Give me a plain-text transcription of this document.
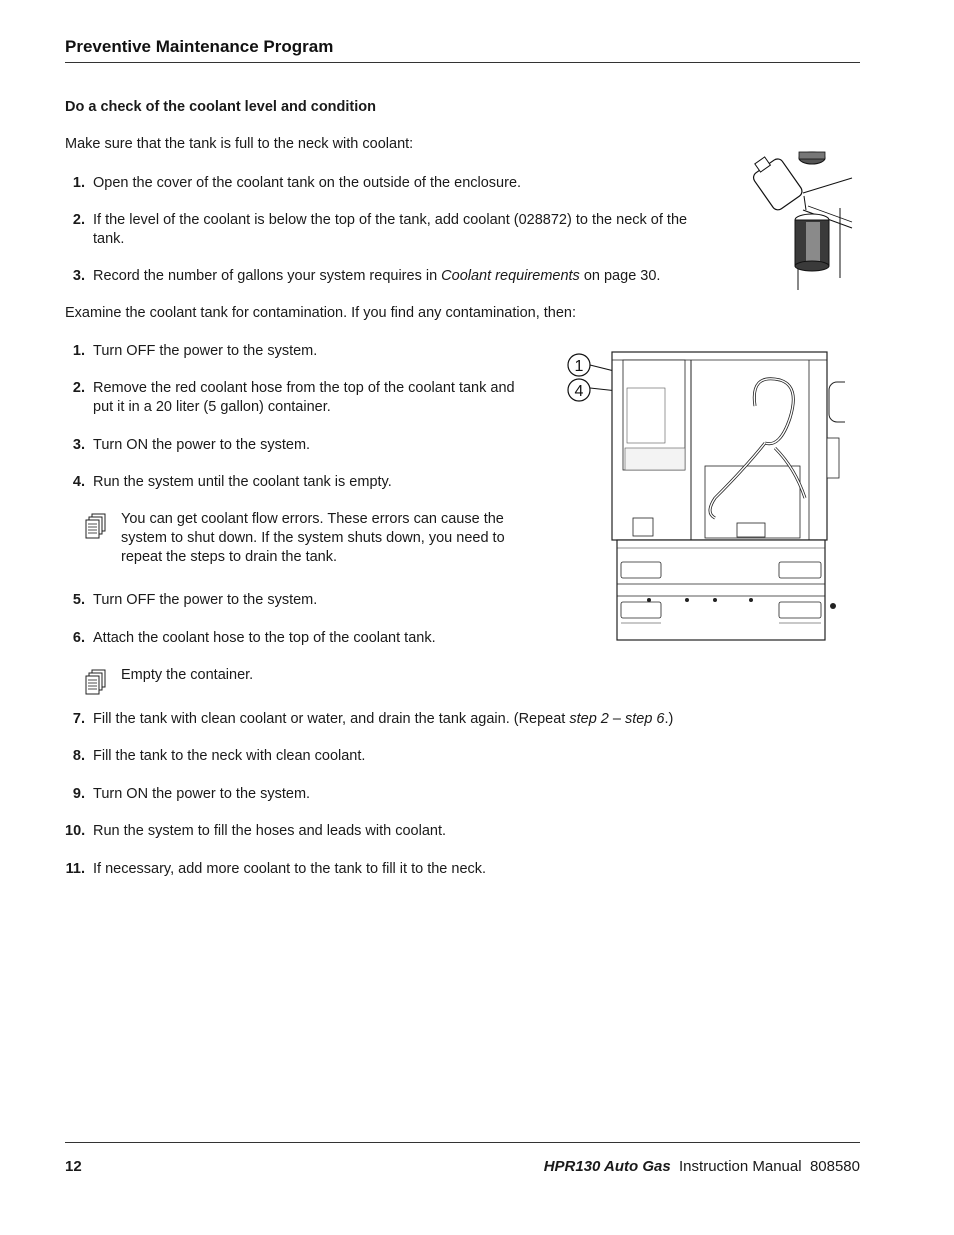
Preventive Maintenance Program
Do a check of the coolant level and condition
Make sure that the tank is full to the neck with coolant:
1. Open the cover of the coolant tank on the outside of the enclosure.
2. If the level of the coolant is below the top of the tank, add coolant (028872) to the neck of the tank.
3. Record the number of gallons your system requires in Coolant requirements on page 30.
Examine the coolant tank for contamination. If you find any contamination, then:
1. Turn OFF the power to the system.
2. Remove the red coolant hose from the top of the coolant tank and put it in a 20 liter (5 gallon) container.
3. Turn ON the power to the system.
4. Run the system until the coolant tank is empty.
You can get coolant flow errors. These errors can cause the system to shut down. If the system shuts down, you need to repeat the steps to drain the tank.
5. Turn OFF the power to the system.
6. Attach the coolant hose to the top of the coolant tank.
Empty the container.
7. Fill the tank with clean coolant or water, and drain the tank again. (Repeat step 2 – step 6.)
8. Fill the tank to the neck with clean coolant.
9. Turn ON the power to the system.
10. Run the system to fill the hoses and leads with coolant.
11. If necessary, add more coolant to the tank to fill it to the neck.
1
4
12	HPR130 Auto Gas Instruction Manual 808580
